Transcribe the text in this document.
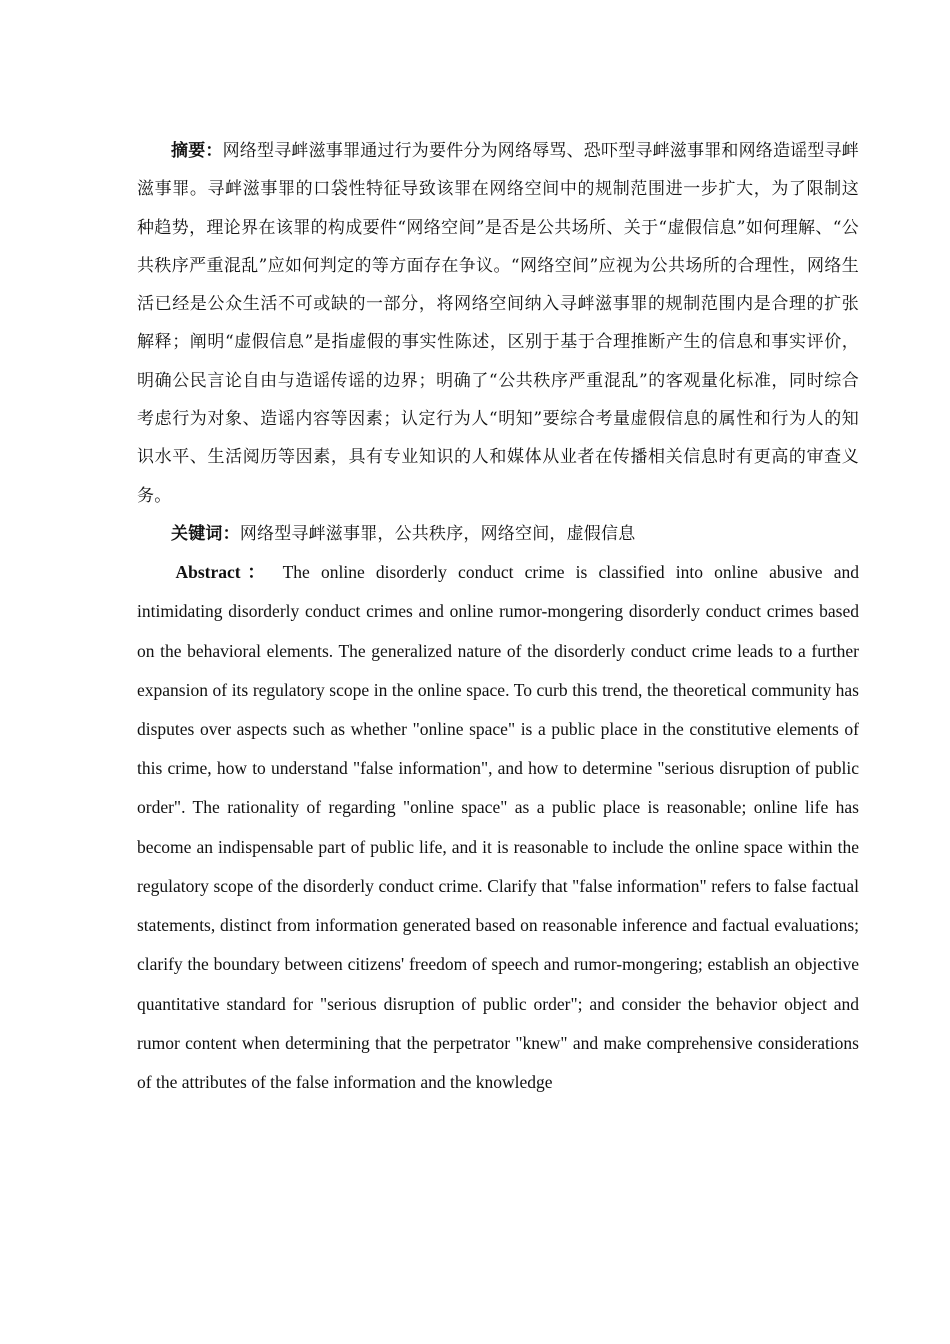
摘要：网络型寻衅滋事罪通过行为要件分为网络辱骂、恐吓型寻衅滋事罪和网络造谣型寻衅滋事罪。寻衅滋事罪的口袋性特征导致该罪在网络空间中的规制范围进一步扩大，为了限制这种趋势，理论界在该罪的构成要件“网络空间”是否是公共场所、关于“虚假信息”如何理解、“公共秩序严重混乱”应如何判定的等方面存在争议。“网络空间”应视为公共场所的合理性，网络生活已经是公众生活不可或缺的一部分，将网络空间纳入寻衅滋事罪的规制范围内是合理的扩张解释；阐明“虚假信息”是指虚假的事实性陈述，区别于基于合理推断产生的信息和事实评价，明确公民言论自由与造谣传谣的边界；明确了“公共秩序严重混乱”的客观量化标准，同时综合考虑行为对象、造谣内容等因素；认定行为人“明知”要综合考量虚假信息的属性和行为人的知识水平、生活阅历等因素，具有专业知识的人和媒体从业者在传播相关信息时有更高的审查义务。

关键词：网络型寻衅滋事罪，公共秩序，网络空间，虚假信息

Abstract： The online disorderly conduct crime is classified into online abusive and intimidating disorderly conduct crimes and online rumor-mongering disorderly conduct crimes based on the behavioral elements. The generalized nature of the disorderly conduct crime leads to a further expansion of its regulatory scope in the online space. To curb this trend, the theoretical community has disputes over aspects such as whether "online space" is a public place in the constitutive elements of this crime, how to understand "false information", and how to determine "serious disruption of public order". The rationality of regarding "online space" as a public place is reasonable; online life has become an indispensable part of public life, and it is reasonable to include the online space within the regulatory scope of the disorderly conduct crime. Clarify that "false information" refers to false factual statements, distinct from information generated based on reasonable inference and factual evaluations; clarify the boundary between citizens' freedom of speech and rumor-mongering; establish an objective quantitative standard for "serious disruption of public order"; and consider the behavior object and rumor content when determining that the perpetrator "knew" and make comprehensive considerations of the attributes of the false information and the knowledge
